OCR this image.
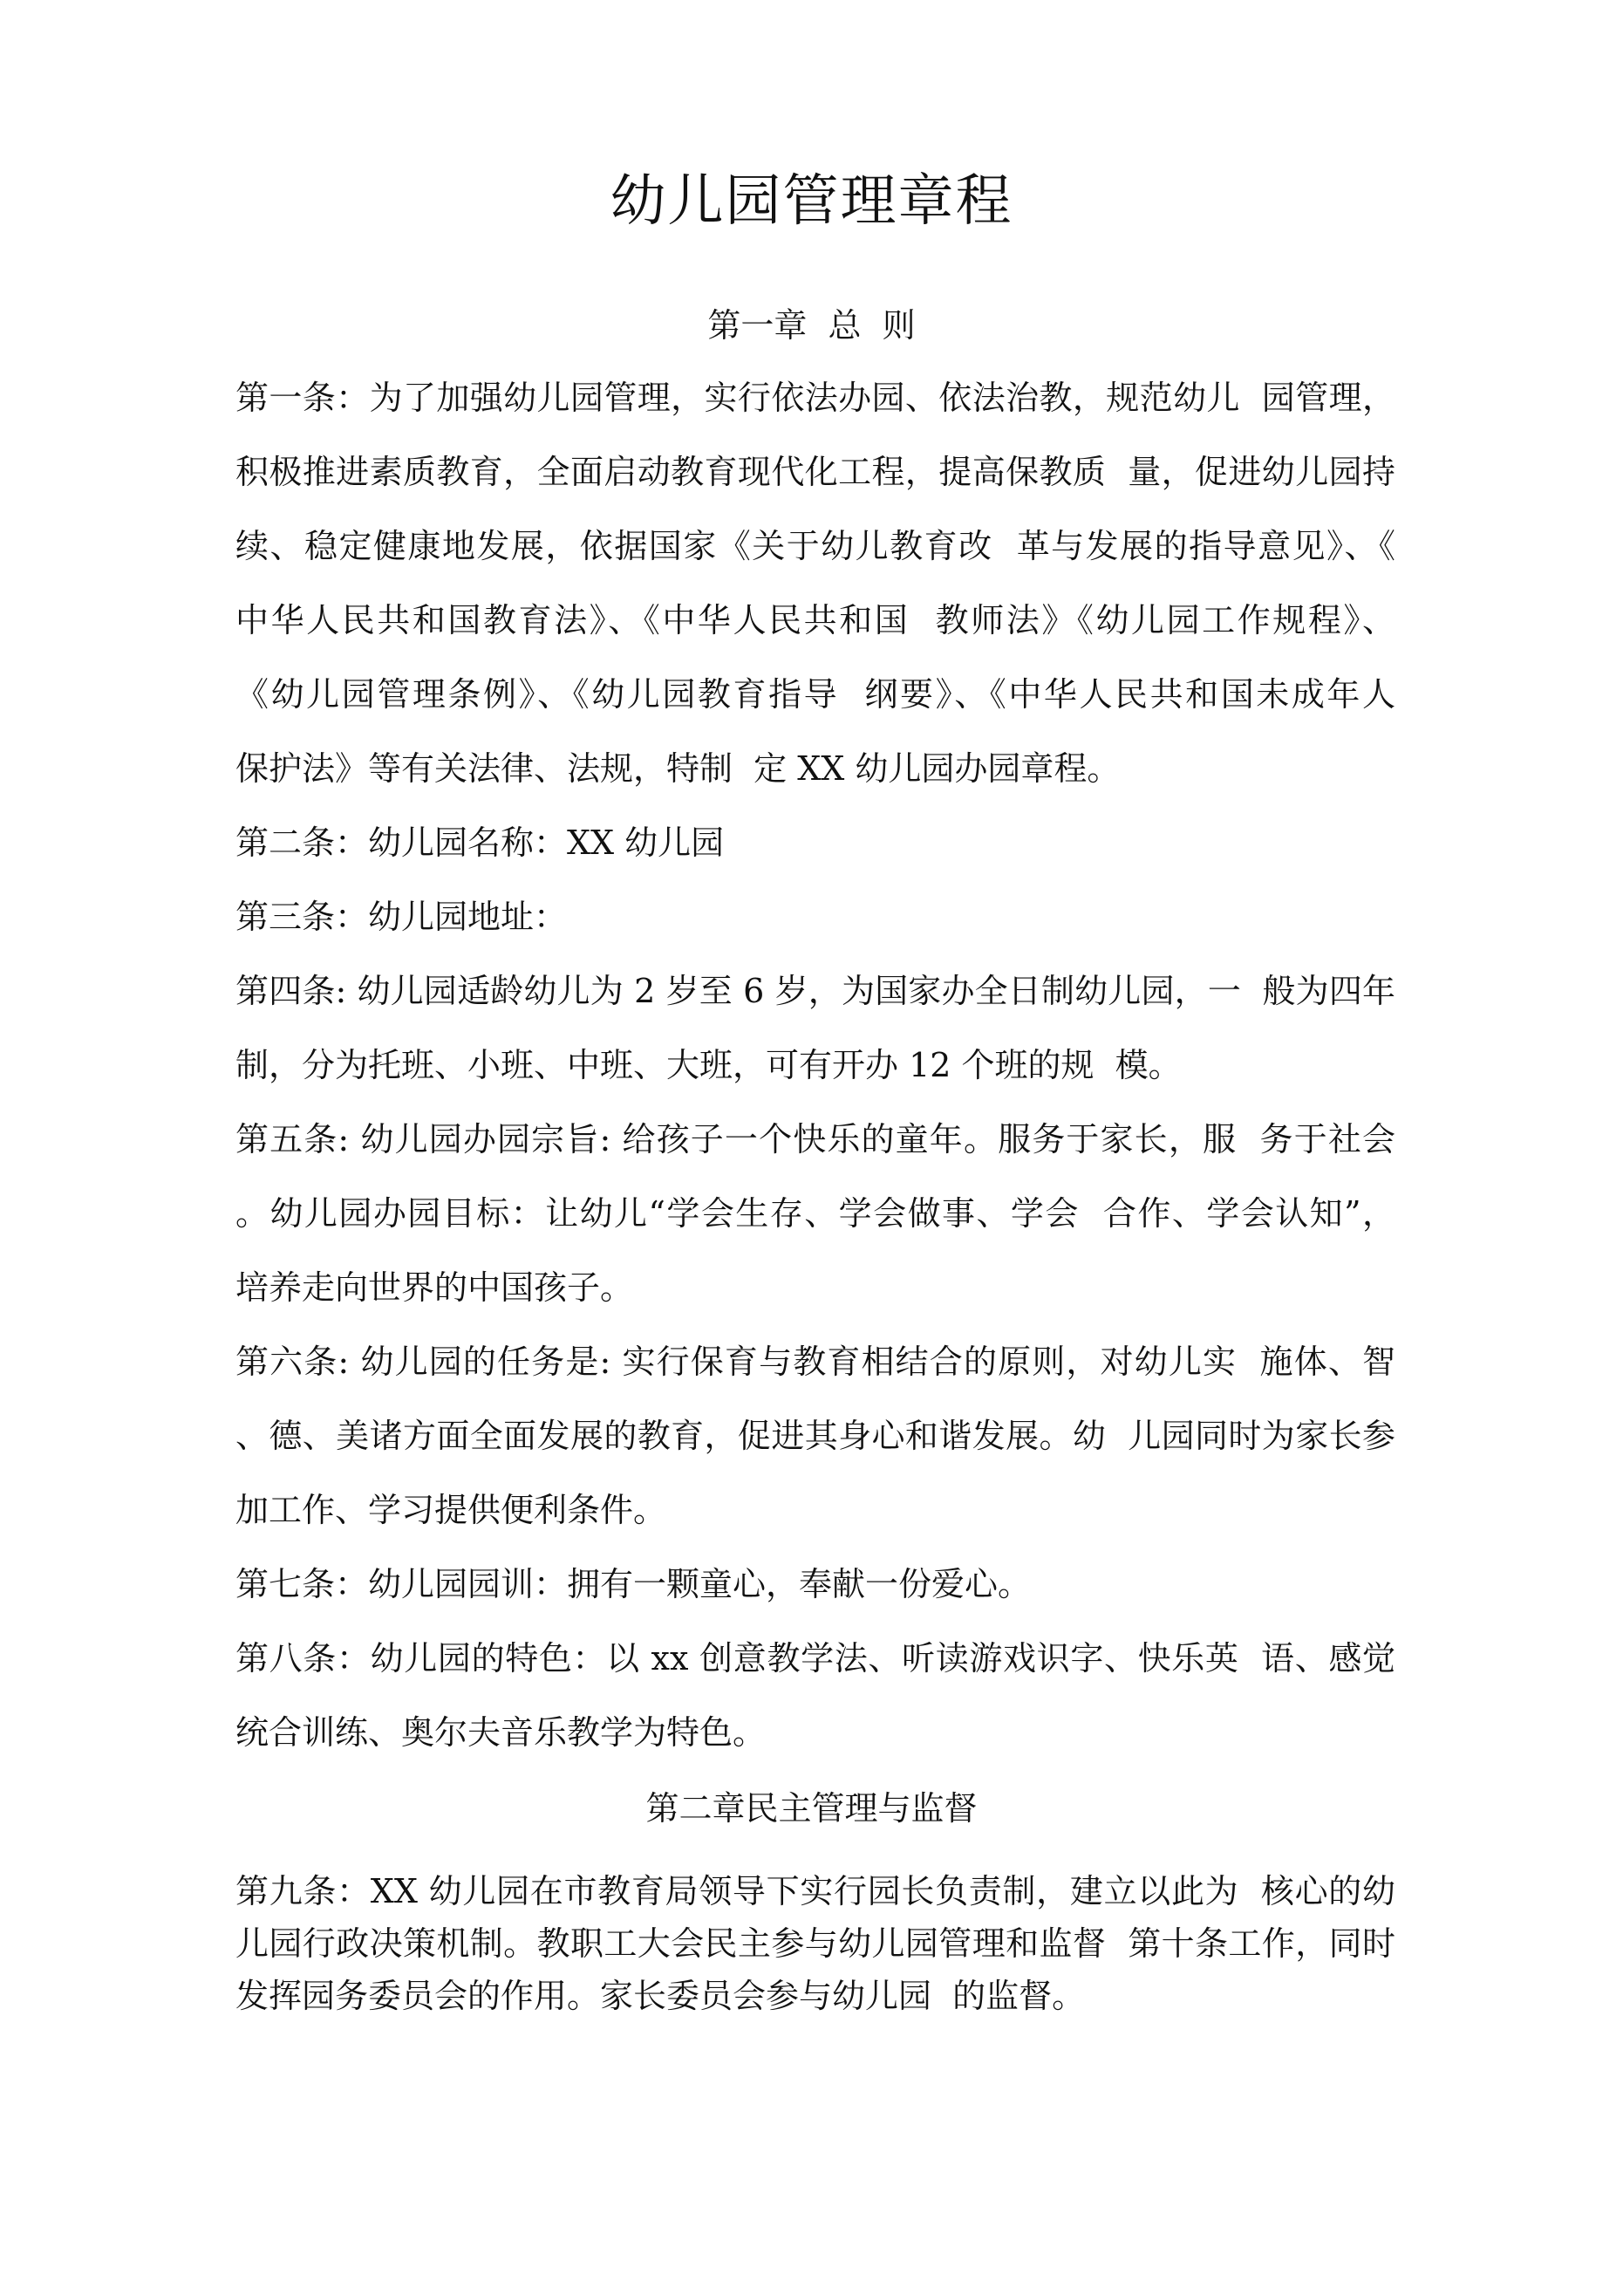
幼儿园管理章程
第一章  总  则

第一条：为了加强幼儿园管理，实行依法办园、依法治教，规范幼儿  园管理，

积极推进素质教育，全面启动教育现代化工程，提高保教质  量，促进幼儿园持

续、稳定健康地发展，依据国家《关于幼儿教育改  革与发展的指导意见》、《

中华人民共和国教育法》、《中华人民共和国  教师法》《幼儿园工作规程》、

《幼儿园管理条例》、《幼儿园教育指导  纲要》、《中华人民共和国未成年人

保护法》等有关法律、法规，特制  定 XX 幼儿园办园章程。

第二条：幼儿园名称：XX 幼儿园

第三条：幼儿园地址：

第四条: 幼儿园适龄幼儿为 2 岁至 6 岁，为国家办全日制幼儿园，一  般为四年

制，分为托班、小班、中班、大班，可有开办 12 个班的规  模。

第五条: 幼儿园办园宗旨: 给孩子一个快乐的童年。服务于家长，服  务于社会

。幼儿园办园目标：让幼儿“学会生存、学会做事、学会  合作、学会认知”，

培养走向世界的中国孩子。

第六条: 幼儿园的任务是: 实行保育与教育相结合的原则，对幼儿实  施体、智

、德、美诸方面全面发展的教育，促进其身心和谐发展。幼  儿园同时为家长参

加工作、学习提供便利条件。

第七条：幼儿园园训：拥有一颗童心，奉献一份爱心。

第八条：幼儿园的特色：以 xx 创意教学法、听读游戏识字、快乐英  语、感觉

统合训练、奥尔夫音乐教学为特色。

第二章民主管理与监督

第九条：XX 幼儿园在市教育局领导下实行园长负责制，建立以此为  核心的幼

儿园行政决策机制。教职工大会民主参与幼儿园管理和监督  第十条工作，同时

发挥园务委员会的作用。家长委员会参与幼儿园  的监督。
